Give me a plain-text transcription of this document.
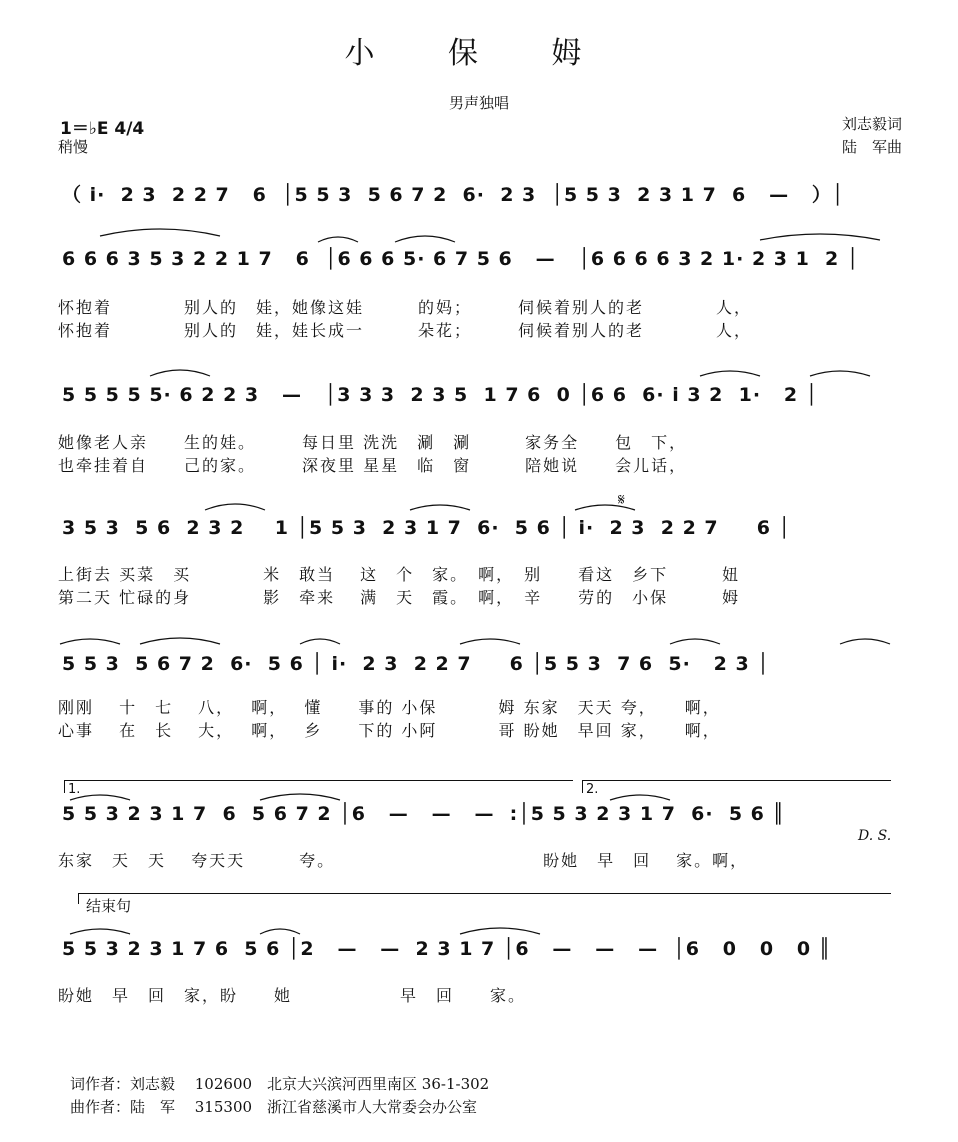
小 保 姆
男声独唱
1＝♭E 4/4
稍慢
刘志毅词
陆　军曲
（ i·  2 3  2 2 7   6  │5 5 3  5 6 7 2  6·  2 3  │5 5 3  2 3 1 7  6   —   ）│
6 6 6 3 5 3 2 2 1 7   6  │6 6 6 5· 6 7 5 6   —   │6 6 6 6 3 2 1· 2 3 1  2 │
怀抱着　　　　别人的　娃，她像这娃　　　的妈；　　　伺候着别人的老　　　　人，
怀抱着　　　　别人的　娃，娃长成一　　　朵花；　　　伺候着别人的老　　　　人，
5 5 5 5 5· 6 2 2 3   —   │3 3 3  2 3 5  1 7 6  0 │6 6  6· i 3 2  1·   2 │
她像老人亲　　生的娃。　　　每日里 洗洗　涮　涮　　　家务全　　包　下，
也牵挂着自　　己的家。　　　深夜里 星星　临　窗　　　陪她说　　会儿话，
𝄋
3 5 3  5 6  2 3 2    1 │5 5 3  2 3 1 7  6·  5 6 │ i·  2 3  2 2 7     6 │
上街去 买菜　买　　　　米　敢当　 这　个　家。　啊，　别　　看这　乡下　　　妞
第二天 忙碌的身　　　　影　牵来　 满　天　霞。　啊，　辛　　劳的　小保　　　姆
5 5 3  5 6 7 2  6·  5 6 │ i·  2 3  2 2 7     6 │5 5 3  7 6  5·   2 3 │
刚刚　 十　七　 八，　 啊，　 懂　　事的 小保　　　 姆 东家　天天 夸，　　啊，
心事　 在　长　 大，　 啊，　 乡　　下的 小阿　　　 哥 盼她　早回 家，　　啊，
1.	2.
5 5 3 2 3 1 7  6  5 6 7 2 │6   —   —   —  :│5 5 3 2 3 1 7  6·  5 6 ║
D. S.
东家　天　天　 夸天天　　　夸。　　　　　　　　　　　　盼她　早　回　 家。啊，
结束句
5 5 3 2 3 1 7 6  5 6 │2   —   —  2 3 1 7 │6   —   —   —  │6   0   0   0 ║
盼她　早　回　家，盼　　她　　　　　　早　回　　家。
词作者：刘志毅　 102600　北京大兴滨河西里南区 36-1-302
曲作者：陆　军　 315300　浙江省慈溪市人大常委会办公室
